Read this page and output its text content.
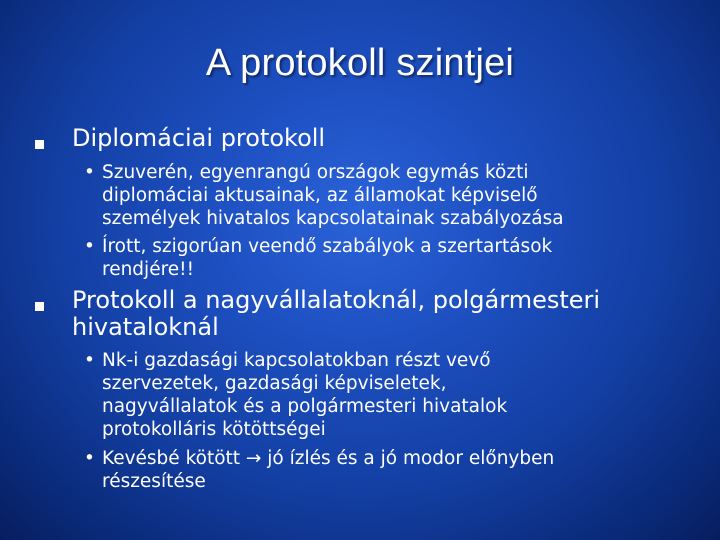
A protokoll szintjei
Diplomáciai protokoll
• Szuverén, egyenrangú országok egymás közti
diplomáciai aktusainak, az államokat képviselő
személyek hivatalos kapcsolatainak szabályozása
• Írott, szigorúan veendő szabályok a szertartások
rendjére!!
Protokoll a nagyvállalatoknál, polgármesteri
hivataloknál
• Nk-i gazdasági kapcsolatokban részt vevő
szervezetek, gazdasági képviseletek,
nagyvállalatok és a polgármesteri hivatalok
protokolláris kötöttségei
• Kevésbé kötött → jó ízlés és a jó modor előnyben
részesítése
